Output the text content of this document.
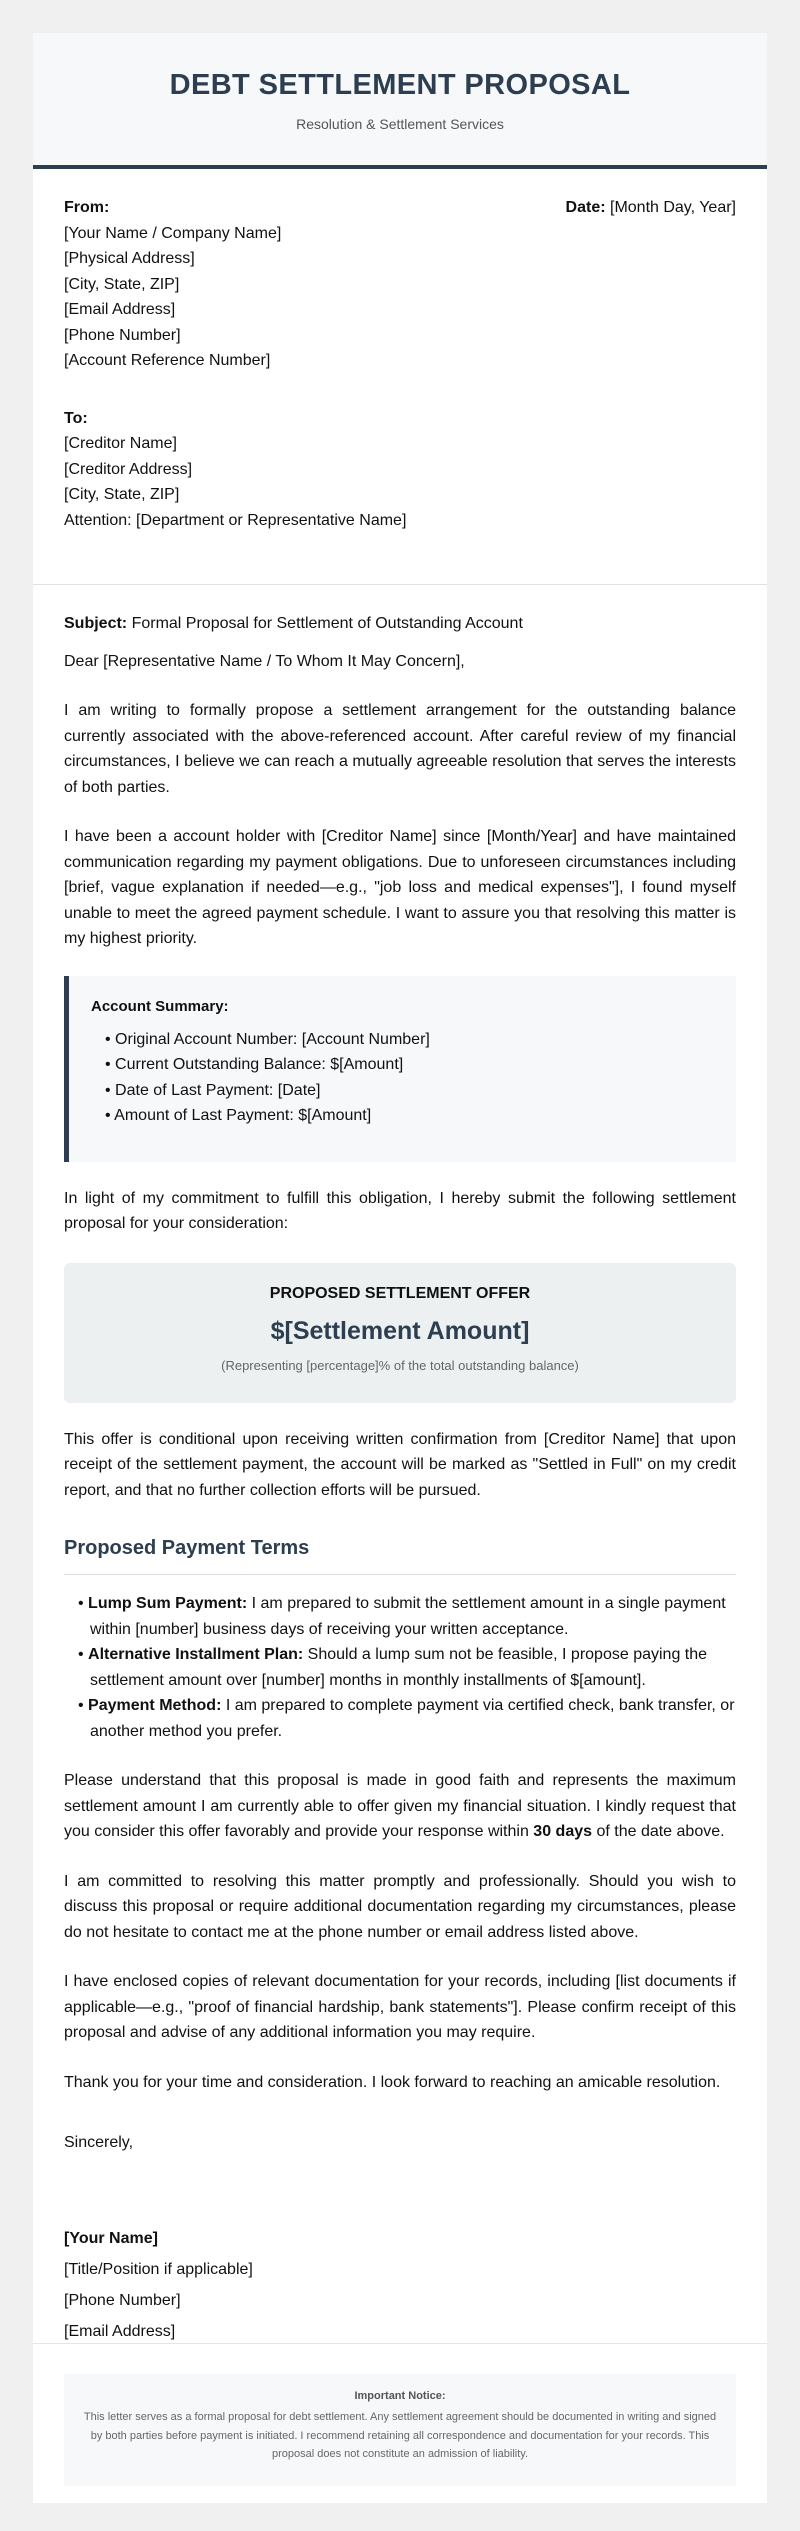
DEBT SETTLEMENT PROPOSAL
Resolution & Settlement Services
Date: [Month Day, Year]
From:
[Your Name / Company Name]
[Physical Address]
[City, State, ZIP]
[Email Address]
[Phone Number]
[Account Reference Number]
To:
[Creditor Name]
[Creditor Address]
[City, State, ZIP]
Attention: [Department or Representative Name]
Subject: Formal Proposal for Settlement of Outstanding Account
Dear [Representative Name / To Whom It May Concern],

I am writing to formally propose a settlement arrangement for the outstanding balance currently associated with the above-referenced account. After careful review of my financial circumstances, I believe we can reach a mutually agreeable resolution that serves the interests of both parties.

I have been a account holder with [Creditor Name] since [Month/Year] and have maintained communication regarding my payment obligations. Due to unforeseen circumstances including [brief, vague explanation if needed—e.g., "job loss and medical expenses"], I found myself unable to meet the agreed payment schedule. I want to assure you that resolving this matter is my highest priority.

Account Summary:
• Original Account Number: [Account Number]
• Current Outstanding Balance: $[Amount]
• Date of Last Payment: [Date]
• Amount of Last Payment: $[Amount]

In light of my commitment to fulfill this obligation, I hereby submit the following settlement proposal for your consideration:

PROPOSED SETTLEMENT OFFER
$[Settlement Amount]
(Representing [percentage]% of the total outstanding balance)

This offer is conditional upon receiving written confirmation from [Creditor Name] that upon receipt of the settlement payment, the account will be marked as "Settled in Full" on my credit report, and that no further collection efforts will be pursued.

Proposed Payment Terms
• Lump Sum Payment: I am prepared to submit the settlement amount in a single payment within [number] business days of receiving your written acceptance.
• Alternative Installment Plan: Should a lump sum not be feasible, I propose paying the settlement amount over [number] months in monthly installments of $[amount].
• Payment Method: I am prepared to complete payment via certified check, bank transfer, or another method you prefer.

Please understand that this proposal is made in good faith and represents the maximum settlement amount I am currently able to offer given my financial situation. I kindly request that you consider this offer favorably and provide your response within 30 days of the date above.

I am committed to resolving this matter promptly and professionally. Should you wish to discuss this proposal or require additional documentation regarding my circumstances, please do not hesitate to contact me at the phone number or email address listed above.

I have enclosed copies of relevant documentation for your records, including [list documents if applicable—e.g., "proof of financial hardship, bank statements"]. Please confirm receipt of this proposal and advise of any additional information you may require.

Thank you for your time and consideration. I look forward to reaching an amicable resolution.

Sincerely,
[Your Name]
[Title/Position if applicable]
[Phone Number]
[Email Address]
Important Notice:
This letter serves as a formal proposal for debt settlement. Any settlement agreement should be documented in writing and signed by both parties before payment is initiated. I recommend retaining all correspondence and documentation for your records. This proposal does not constitute an admission of liability.
